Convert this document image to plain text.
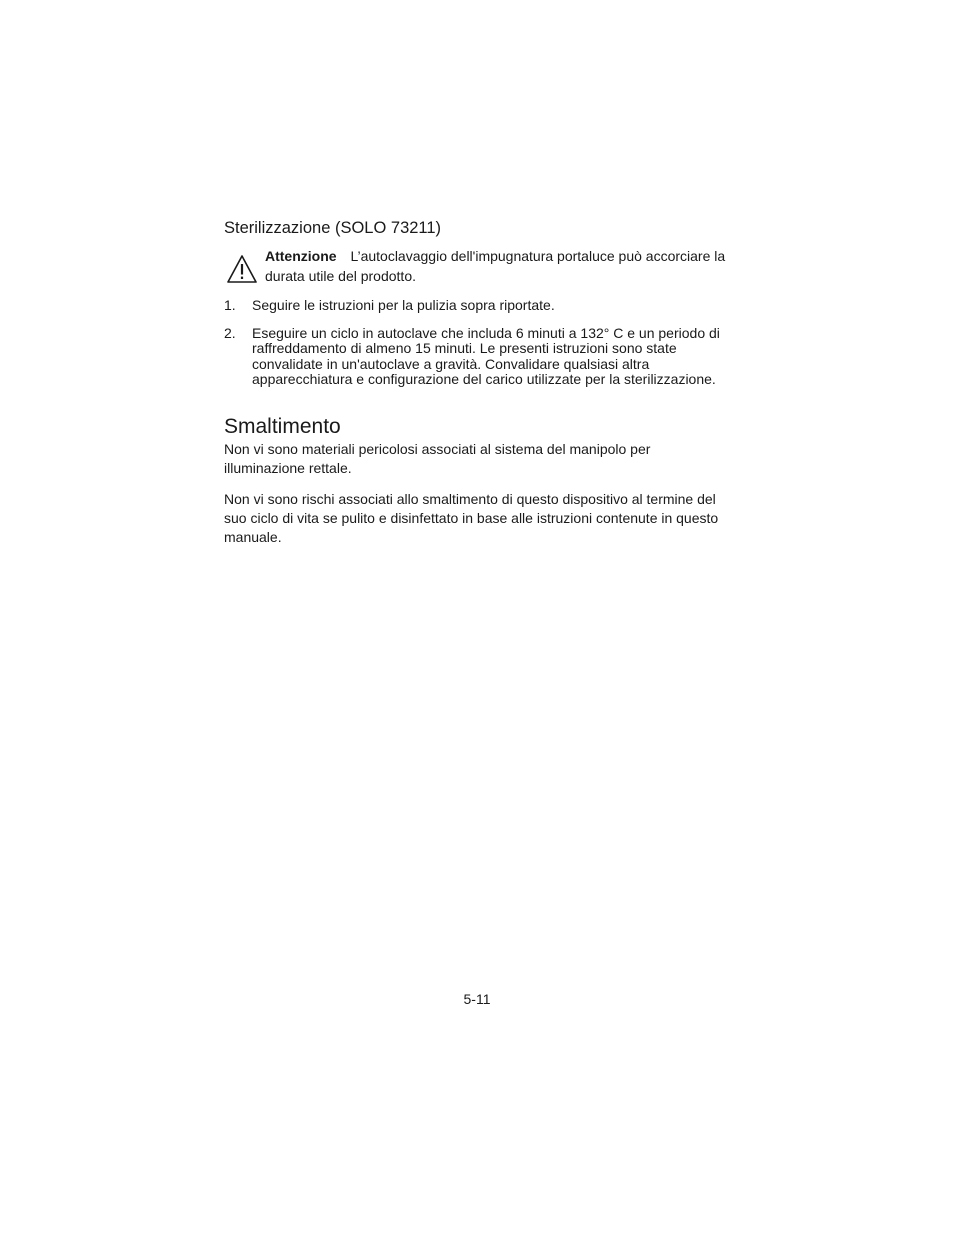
Sterilizzazione (SOLO 73211)
Attenzione L’autoclavaggio dell'impugnatura portaluce può accorciare la durata utile del prodotto.
1. Seguire le istruzioni per la pulizia sopra riportate.
2. Eseguire un ciclo in autoclave che includa 6 minuti a 132° C e un periodo di raffreddamento di almeno 15 minuti. Le presenti istruzioni sono state convalidate in un'autoclave a gravità. Convalidare qualsiasi altra apparecchiatura e configurazione del carico utilizzate per la sterilizzazione.
Smaltimento

Non vi sono materiali pericolosi associati al sistema del manipolo per illuminazione rettale.

Non vi sono rischi associati allo smaltimento di questo dispositivo al termine del suo ciclo di vita se pulito e disinfettato in base alle istruzioni contenute in questo manuale.

5-11
